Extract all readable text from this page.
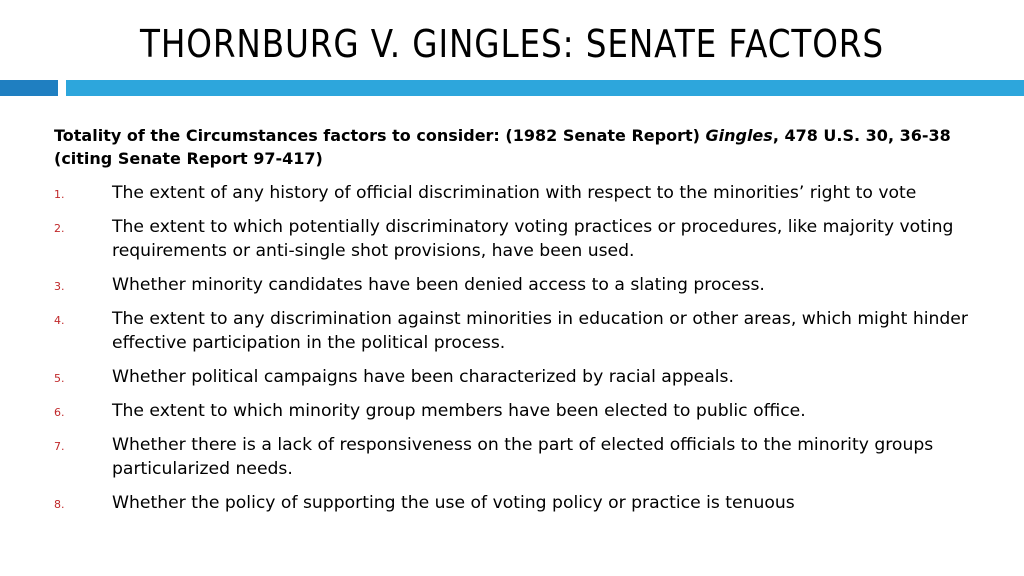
THORNBURG V. GINGLES: SENATE FACTORS
Totality of the Circumstances factors to consider: (1982 Senate Report) Gingles, 478 U.S. 30, 36-38 (citing Senate Report 97-417)
1.	The extent of any history of official discrimination with respect to the minorities’ right to vote
2.	The extent to which potentially discriminatory voting practices or procedures, like majority voting requirements or anti-single shot provisions, have been used.
3.	Whether minority candidates have been denied access to a slating process.
4.	The extent to any discrimination against minorities in education or other areas, which might hinder effective participation in the political process.
5.	Whether political campaigns have been characterized by racial appeals.
6.	The extent to which minority group members have been elected to public office.
7.	Whether there is a lack of responsiveness on the part of elected officials to the minority groups particularized needs.
8.	Whether the policy of supporting the use of voting policy or practice is tenuous
